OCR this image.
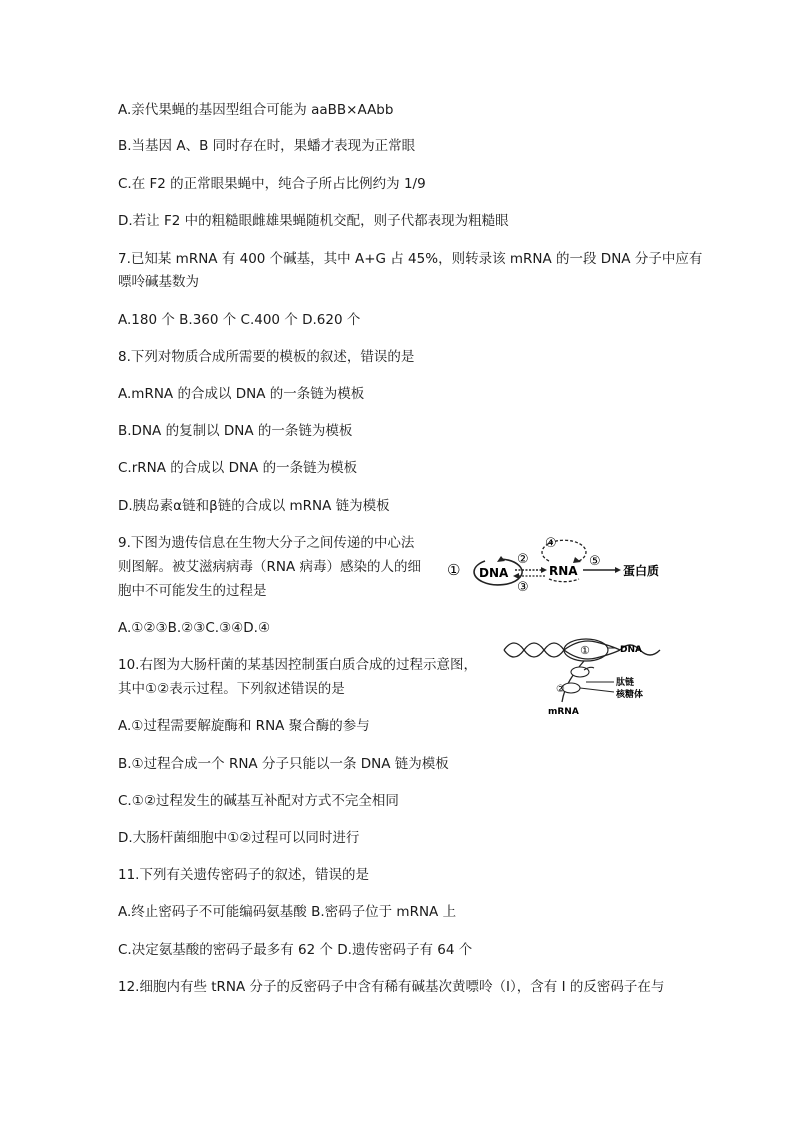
A.亲代果蝇的基因型组合可能为 aaBB×AAbb
B.当基因 A、B 同时存在时，果蟠才表现为正常眼
C.在 F2 的正常眼果蝇中，纯合子所占比例约为 1/9
D.若让 F2 中的粗糙眼雌雄果蝇随机交配，则子代都表现为粗糙眼
7.已知某 mRNA 有 400 个碱基，其中 A+G 占 45%，则转录该 mRNA 的一段 DNA 分子中应有
嘌呤碱基数为
A.180 个 B.360 个 C.400 个 D.620 个
8.下列对物质合成所需要的模板的叙述，错误的是
A.mRNA 的合成以 DNA 的一条链为模板
B.DNA 的复制以 DNA 的一条链为模板
C.rRNA 的合成以 DNA 的一条链为模板
D.胰岛素α链和β链的合成以 mRNA 链为模板
9.下图为遗传信息在生物大分子之间传递的中心法
则图解。被艾滋病病毒（RNA 病毒）感染的人的细
胞中不可能发生的过程是
A.①②③B.②③C.③④D.④
10.右图为大肠杆菌的某基因控制蛋白质合成的过程示意图，
其中①②表示过程。下列叙述错误的是
A.①过程需要解旋酶和 RNA 聚合酶的参与
B.①过程合成一个 RNA 分子只能以一条 DNA 链为模板
C.①②过程发生的碱基互补配对方式不完全相同
D.大肠杆菌细胞中①②过程可以同时进行
11.下列有关遗传密码子的叙述，错误的是
A.终止密码子不可能编码氨基酸 B.密码子位于 mRNA 上
C.决定氨基酸的密码子最多有 62 个 D.遗传密码子有 64 个
12.细胞内有些 tRNA 分子的反密码子中含有稀有碱基次黄嘌呤（I），含有 I 的反密码子在与
① DNA
②
③
④
RNA
⑤
蛋白质
①	DNA
②
肽链
核糖体
mRNA
